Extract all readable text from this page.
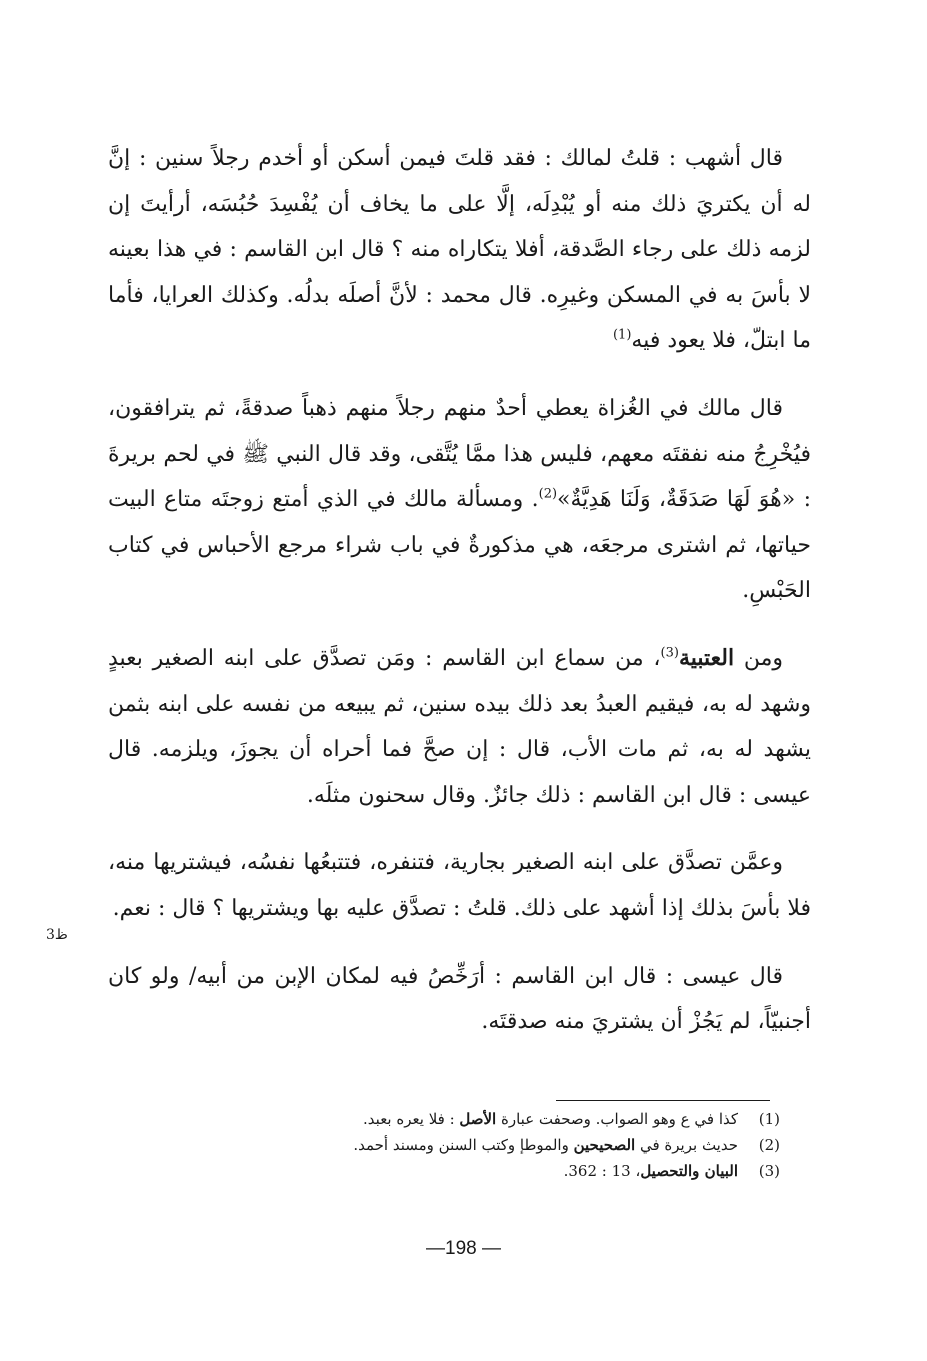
قال أشهب : قلتُ لمالك : فقد قلتَ فيمن أسكن أو أخدم رجلاً سنين : إنَّ له أن يكتريَ ذلك منه أو يُبْدِلَه، إلَّا على ما يخاف أن يُفْسِدَ حُبُسَه، أرأيتَ إن لزمه ذلك على رجاء الصَّدقة، أفلا يتكاراه منه ؟ قال ابن القاسم : في هذا بعينه لا بأسَ به في المسكن وغيرِه. قال محمد : لأنَّ أصلَه بدلُه. وكذلك العرايا، فأما ما ابتلّ، فلا يعود فيه$^{(1)}$

قال مالك في الغُزاة يعطي أحدٌ منهم رجلاً منهم ذهباً صدقةً، ثم يترافقون، فيُخْرِجُ منه نفقتَه معهم، فليس هذا ممَّا يُتَّقى، وقد قال النبي ﷺ في لحم بريرةَ : «هُوَ لَهَا صَدَقَةٌ، وَلَنَا هَدِيَّةٌ»$^{(2)}$. ومسألة مالك في الذي أمتع زوجتَه متاع البيت حياتها، ثم اشترى مرجعَه، هي مذكورةٌ في باب شراء مرجع الأحباس في كتاب الحَبْسِ.

ومن العتبية$^{(3)}$، من سماع ابن القاسم : ومَن تصدَّق على ابنه الصغير بعبدٍ وشهد له به، فيقيم العبدُ بعد ذلك بيده سنين، ثم يبيعه من نفسه على ابنه بثمن يشهد له به، ثم مات الأب، قال : إن صحَّ فما أحراه أن يجوزَ، ويلزمه. قال عيسى : قال ابن القاسم : ذلك جائزٌ. وقال سحنون مثلَه.

وعمَّن تصدَّق على ابنه الصغير بجارية، فتنفره، فتتبعُها نفسُه، فيشتريها منه، فلا بأسَ بذلك إذا أشهد على ذلك. قلتُ : تصدَّق عليه بها ويشتريها ؟ قال : نعم.

قال عيسى : قال ابن القاسم : أرَخِّصُ فيه لمكان الإبن من أبيه/ ولو كان أجنبيّاً، لم يَجُزْ أن يشتريَ منه صدقتَه.

ظ3
(1)
كذا في ع وهو الصواب. وصحفت عبارة الأصل : فلا يعره بعبد.
(2)
حديث بريرة في الصحيحين والموطإ وكتب السنن ومسند أحمد.
(3)
البيان والتحصيل، 13 : 362.
—198 —
